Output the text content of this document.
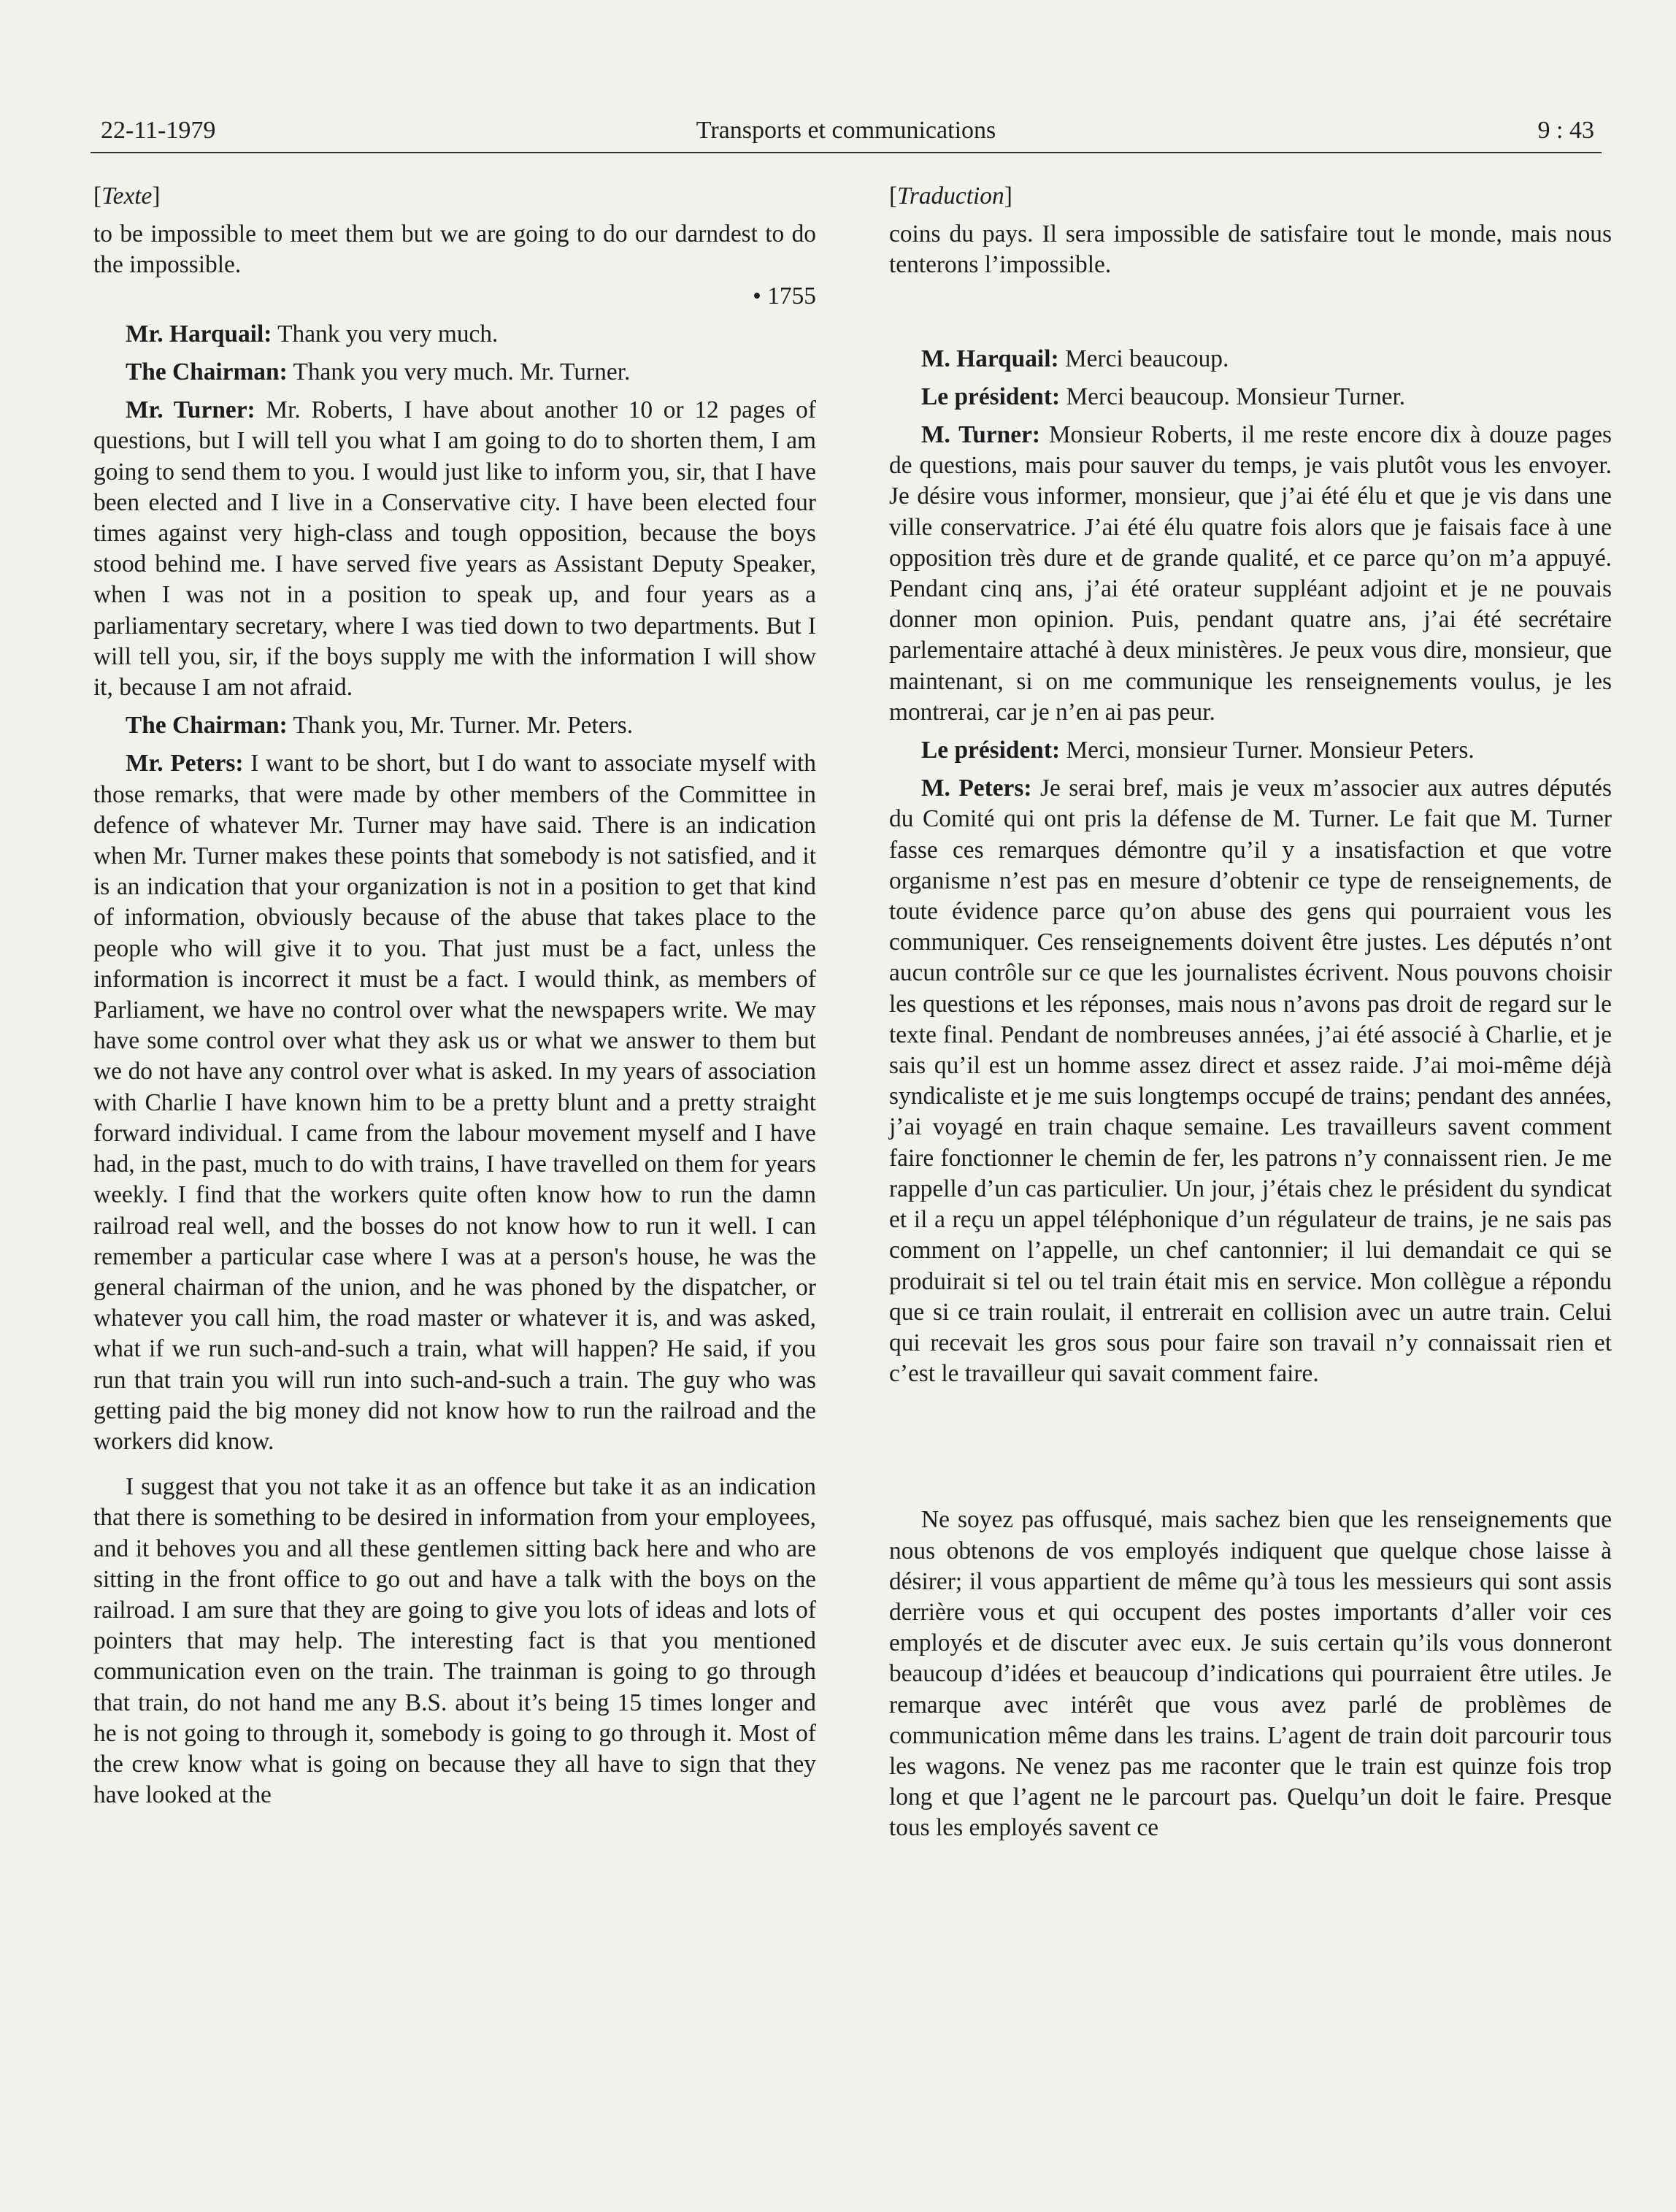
22-11-1979	Transports et communications	9 : 43

[Texte]

to be impossible to meet them but we are going to do our darndest to do the impossible.

• 1755

Mr. Harquail: Thank you very much.

The Chairman: Thank you very much. Mr. Turner.

Mr. Turner: Mr. Roberts, I have about another 10 or 12 pages of questions, but I will tell you what I am going to do to shorten them, I am going to send them to you. I would just like to inform you, sir, that I have been elected and I live in a Conservative city. I have been elected four times against very high-class and tough opposition, because the boys stood behind me. I have served five years as Assistant Deputy Speaker, when I was not in a position to speak up, and four years as a parliamentary secretary, where I was tied down to two departments. But I will tell you, sir, if the boys supply me with the information I will show it, because I am not afraid.

The Chairman: Thank you, Mr. Turner. Mr. Peters.

Mr. Peters: I want to be short, but I do want to associate myself with those remarks, that were made by other members of the Committee in defence of whatever Mr. Turner may have said. There is an indication when Mr. Turner makes these points that somebody is not satisfied, and it is an indication that your organization is not in a position to get that kind of information, obviously because of the abuse that takes place to the people who will give it to you. That just must be a fact, unless the information is incorrect it must be a fact. I would think, as members of Parliament, we have no control over what the newspapers write. We may have some control over what they ask us or what we answer to them but we do not have any control over what is asked. In my years of association with Charlie I have known him to be a pretty blunt and a pretty straight forward individual. I came from the labour movement myself and I have had, in the past, much to do with trains, I have travelled on them for years weekly. I find that the workers quite often know how to run the damn railroad real well, and the bosses do not know how to run it well. I can remember a particular case where I was at a person's house, he was the general chairman of the union, and he was phoned by the dispatcher, or whatever you call him, the road master or whatever it is, and was asked, what if we run such-and-such a train, what will happen? He said, if you run that train you will run into such-and-such a train. The guy who was getting paid the big money did not know how to run the railroad and the workers did know.

I suggest that you not take it as an offence but take it as an indication that there is something to be desired in information from your employees, and it behoves you and all these gentlemen sitting back here and who are sitting in the front office to go out and have a talk with the boys on the railroad. I am sure that they are going to give you lots of ideas and lots of pointers that may help. The interesting fact is that you mentioned communication even on the train. The trainman is going to go through that train, do not hand me any B.S. about it’s being 15 times longer and he is not going to through it, somebody is going to go through it. Most of the crew know what is going on because they all have to sign that they have looked at the

[Traduction]

coins du pays. Il sera impossible de satisfaire tout le monde, mais nous tenterons l’impossible.

M. Harquail: Merci beaucoup.

Le président: Merci beaucoup. Monsieur Turner.

M. Turner: Monsieur Roberts, il me reste encore dix à douze pages de questions, mais pour sauver du temps, je vais plutôt vous les envoyer. Je désire vous informer, monsieur, que j’ai été élu et que je vis dans une ville conservatrice. J’ai été élu quatre fois alors que je faisais face à une opposition très dure et de grande qualité, et ce parce qu’on m’a appuyé. Pendant cinq ans, j’ai été orateur suppléant adjoint et je ne pouvais donner mon opinion. Puis, pendant quatre ans, j’ai été secrétaire parlementaire attaché à deux ministères. Je peux vous dire, monsieur, que maintenant, si on me communique les renseignements voulus, je les montrerai, car je n’en ai pas peur.

Le président: Merci, monsieur Turner. Monsieur Peters.

M. Peters: Je serai bref, mais je veux m’associer aux autres députés du Comité qui ont pris la défense de M. Turner. Le fait que M. Turner fasse ces remarques démontre qu’il y a insatisfaction et que votre organisme n’est pas en mesure d’obtenir ce type de renseignements, de toute évidence parce qu’on abuse des gens qui pourraient vous les communiquer. Ces renseignements doivent être justes. Les députés n’ont aucun contrôle sur ce que les journalistes écrivent. Nous pouvons choisir les questions et les réponses, mais nous n’avons pas droit de regard sur le texte final. Pendant de nombreuses années, j’ai été associé à Charlie, et je sais qu’il est un homme assez direct et assez raide. J’ai moi-même déjà syndicaliste et je me suis longtemps occupé de trains; pendant des années, j’ai voyagé en train chaque semaine. Les travailleurs savent comment faire fonctionner le chemin de fer, les patrons n’y connaissent rien. Je me rappelle d’un cas particulier. Un jour, j’étais chez le président du syndicat et il a reçu un appel téléphonique d’un régulateur de trains, je ne sais pas comment on l’appelle, un chef cantonnier; il lui demandait ce qui se produirait si tel ou tel train était mis en service. Mon collègue a répondu que si ce train roulait, il entrerait en collision avec un autre train. Celui qui recevait les gros sous pour faire son travail n’y connaissait rien et c’est le travailleur qui savait comment faire.

Ne soyez pas offusqué, mais sachez bien que les renseignements que nous obtenons de vos employés indiquent que quelque chose laisse à désirer; il vous appartient de même qu’à tous les messieurs qui sont assis derrière vous et qui occupent des postes importants d’aller voir ces employés et de discuter avec eux. Je suis certain qu’ils vous donneront beaucoup d’idées et beaucoup d’indications qui pourraient être utiles. Je remarque avec intérêt que vous avez parlé de problèmes de communication même dans les trains. L’agent de train doit parcourir tous les wagons. Ne venez pas me raconter que le train est quinze fois trop long et que l’agent ne le parcourt pas. Quelqu’un doit le faire. Presque tous les employés savent ce
